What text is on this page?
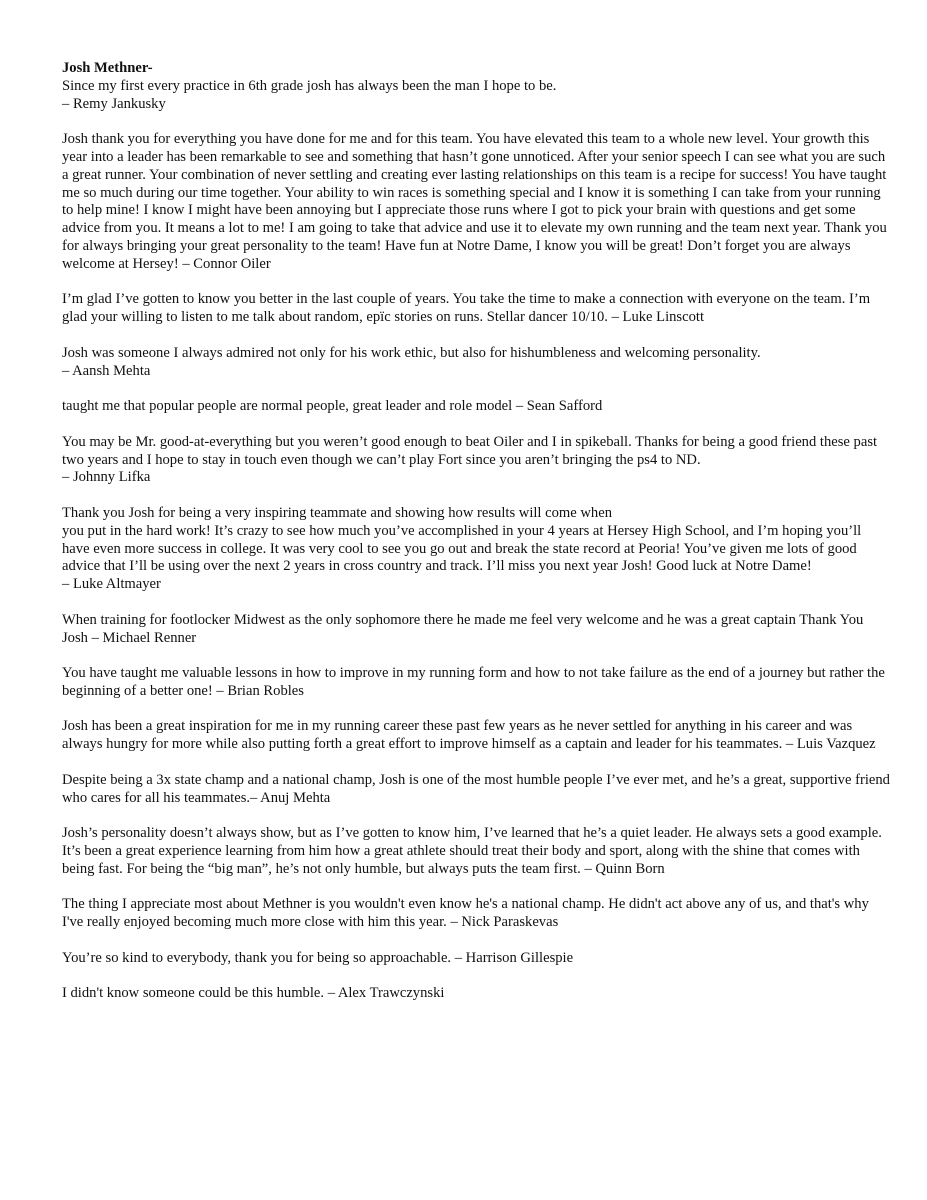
Josh Methner-
Since my first every practice in 6th grade josh has always been the man I hope to be.
– Remy Jankusky
Josh thank you for everything you have done for me and for this team. You have elevated this team to a whole new level. Your growth this year into a leader has been remarkable to see and something that hasn’t gone unnoticed. After your senior speech I can see what you are such a great runner. Your combination of never settling and creating ever lasting relationships on this team is a recipe for success! You have taught me so much during our time together. Your ability to win races is something special and I know it is something I can take from your running to help mine! I know I might have been annoying but I appreciate those runs where I got to pick your brain with questions and get some advice from you. It means a lot to me! I am going to take that advice and use it to elevate my own running and the team next year. Thank you for always bringing your great personality to the team! Have fun at Notre Dame, I know you will be great! Don’t forget you are always welcome at Hersey! – Connor Oiler
I’m glad I’ve gotten to know you better in the last couple of years. You take the time to make a connection with everyone on the team. I’m glad your willing to listen to me talk about random, epïc stories on runs. Stellar dancer 10/10. – Luke Linscott
Josh was someone I always admired not only for his work ethic, but also for hishumbleness and welcoming personality.
– Aansh Mehta
taught me that popular people are normal people, great leader and role model – Sean Safford
You may be Mr. good-at-everything but you weren’t good enough to beat Oiler and I in spikeball. Thanks for being a good friend these past two years and I hope to stay in touch even though we can’t play Fort since you aren’t bringing the ps4 to ND.
– Johnny Lifka
Thank you Josh for being a very inspiring teammate and showing how results will come when
you put in the hard work! It’s crazy to see how much you’ve accomplished in your 4 years at Hersey High School, and I’m hoping you’ll have even more success in college. It was very cool to see you go out and break the state record at Peoria! You’ve given me lots of good advice that I’ll be using over the next 2 years in cross country and track. I’ll miss you next year Josh! Good luck at Notre Dame!
– Luke Altmayer
When training for footlocker Midwest as the only sophomore there he made me feel very welcome and he was a great captain Thank You Josh – Michael Renner
You have taught me valuable lessons in how to improve in my running form and how to not take failure as the end of a journey but rather the beginning of a better one! – Brian Robles
Josh has been a great inspiration for me in my running career these past few years as he never settled for anything in his career and was always hungry for more while also putting forth a great effort to improve himself as a captain and leader for his teammates. – Luis Vazquez
Despite being a 3x state champ and a national champ, Josh is one of the most humble people I’ve ever met, and he’s a great, supportive friend who cares for all his teammates.– Anuj Mehta
Josh’s personality doesn’t always show, but as I’ve gotten to know him, I’ve learned that he’s a quiet leader. He always sets a good example. It’s been a great experience learning from him how a great athlete should treat their body and sport, along with the shine that comes with being fast. For being the “big man”, he’s not only humble, but always puts the team first. – Quinn Born
The thing I appreciate most about Methner is you wouldn't even know he's a national champ. He didn't act above any of us, and that's why I've really enjoyed becoming much more close with him this year. – Nick Paraskevas
You’re so kind to everybody, thank you for being so approachable. – Harrison Gillespie
I didn't know someone could be this humble. – Alex Trawczynski
